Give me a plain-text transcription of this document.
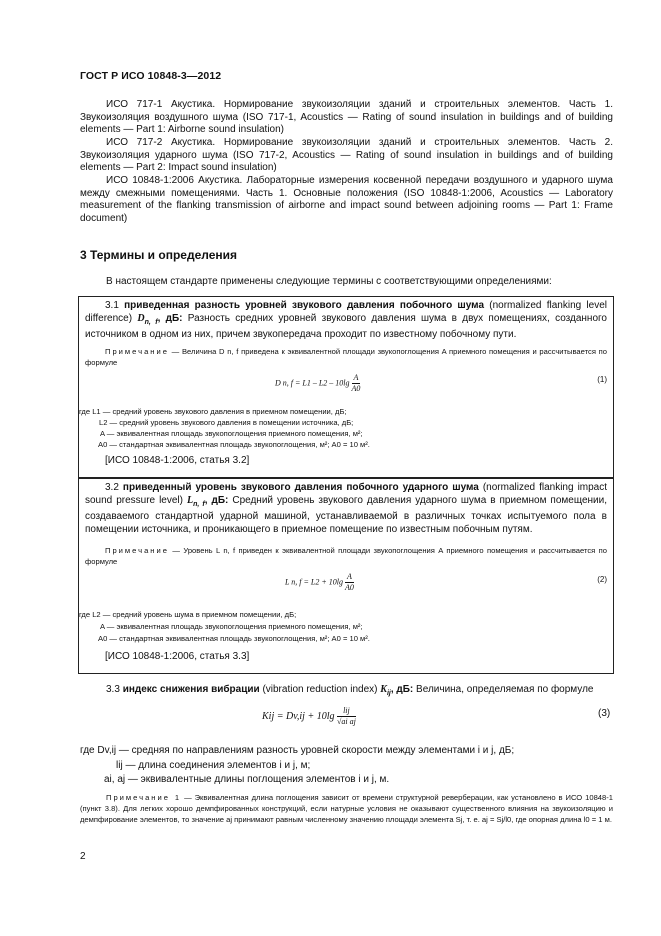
ГОСТ Р ИСО 10848-3—2012
ИСО 717-1 Акустика. Нормирование звукоизоляции зданий и строительных элементов. Часть 1. Звукоизоляция воздушного шума (ISO 717-1, Acoustics — Rating of sound insulation in buildings and of building elements — Part 1: Airborne sound insulation)
ИСО 717-2 Акустика. Нормирование звукоизоляции зданий и строительных элементов. Часть 2. Звукоизоляция ударного шума (ISO 717-2, Acoustics — Rating of sound insulation in buildings and of building elements — Part 2: Impact sound insulation)
ИСО 10848-1:2006 Акустика. Лабораторные измерения косвенной передачи воздушного и ударного шума между смежными помещениями. Часть 1. Основные положения (ISO 10848-1:2006, Acoustics — Laboratory measurement of the flanking transmission of airborne and impact sound between adjoining rooms — Part 1: Frame document)
3 Термины и определения
В настоящем стандарте применены следующие термины с соответствующими определениями:
3.1 приведенная разность уровней звукового давления побочного шума (normalized flanking level difference) $D_{n, f}$, дБ: Разность средних уровней звукового давления шума в двух помещениях, созданного источником в одном из них, причем звукопередача проходит по известному побочному пути.
Примечание — Величина D n, f приведена к эквивалентной площади звукопоглощения A приемного помещения и рассчитывается по формуле
D n, $f = L1 - L2 - 10\lg \frac{A}{A0}$	(1)
где L1 — средний уровень звукового давления в приемном помещении, дБ;
L2 — средний уровень звукового давления в помещении источника, дБ;
A — эквивалентная площадь звукопоглощения приемного помещения, м²;
A0 — стандартная эквивалентная площадь звукопоглощения, м²; A0 = 10 м².
[ИСО 10848-1:2006, статья 3.2]
3.2 приведенный уровень звукового давления побочного ударного шума (normalized flanking impact sound pressure level) $L_{n, f}$, дБ: Средний уровень звукового давления ударного шума в приемном помещении, создаваемого стандартной ударной машиной, устанавливаемой в различных точках испытуемого пола в помещении источника, и проникающего в приемное помещение по известным побочным путям.
Примечание — Уровень L n, f приведен к эквивалентной площади звукопоглощения A приемного помещения и рассчитывается по формуле
L n, $f = L2 + 10\lg \frac{A}{A0}$	(2)
где L2 — средний уровень шума в приемном помещении, дБ;
A — эквивалентная площадь звукопоглощения приемного помещения, м²;
A0 — стандартная эквивалентная площадь звукопоглощения, м²; A0 = 10 м².
[ИСО 10848-1:2006, статья 3.3]
3.3 индекс снижения вибрации (vibration reduction index) $K_{ij}$, дБ: Величина, определяемая по формуле
Kij = $Dv,ij + 10\lg \frac{\text{lij}}{\text{√ai aj}}$	(3)
где Dv,ij — средняя по направлениям разность уровней скорости между элементами i и j, дБ;
lij — длина соединения элементов i и j, м;
ai, aj — эквивалентные длины поглощения элементов i и j, м.
Примечание 1 — Эквивалентная длина поглощения зависит от времени структурной реверберации, как установлено в ИСО 10848-1 (пункт 3.8). Для легких хорошо демпфированных конструкций, если натурные условия не оказывают существенного влияния на звукоизоляцию и демпфирование элементов, то значение aj принимают равным численному значению площади элемента Sj, т. е. aj = Sj/l0, где опорная длина l0 = 1 м.
2
